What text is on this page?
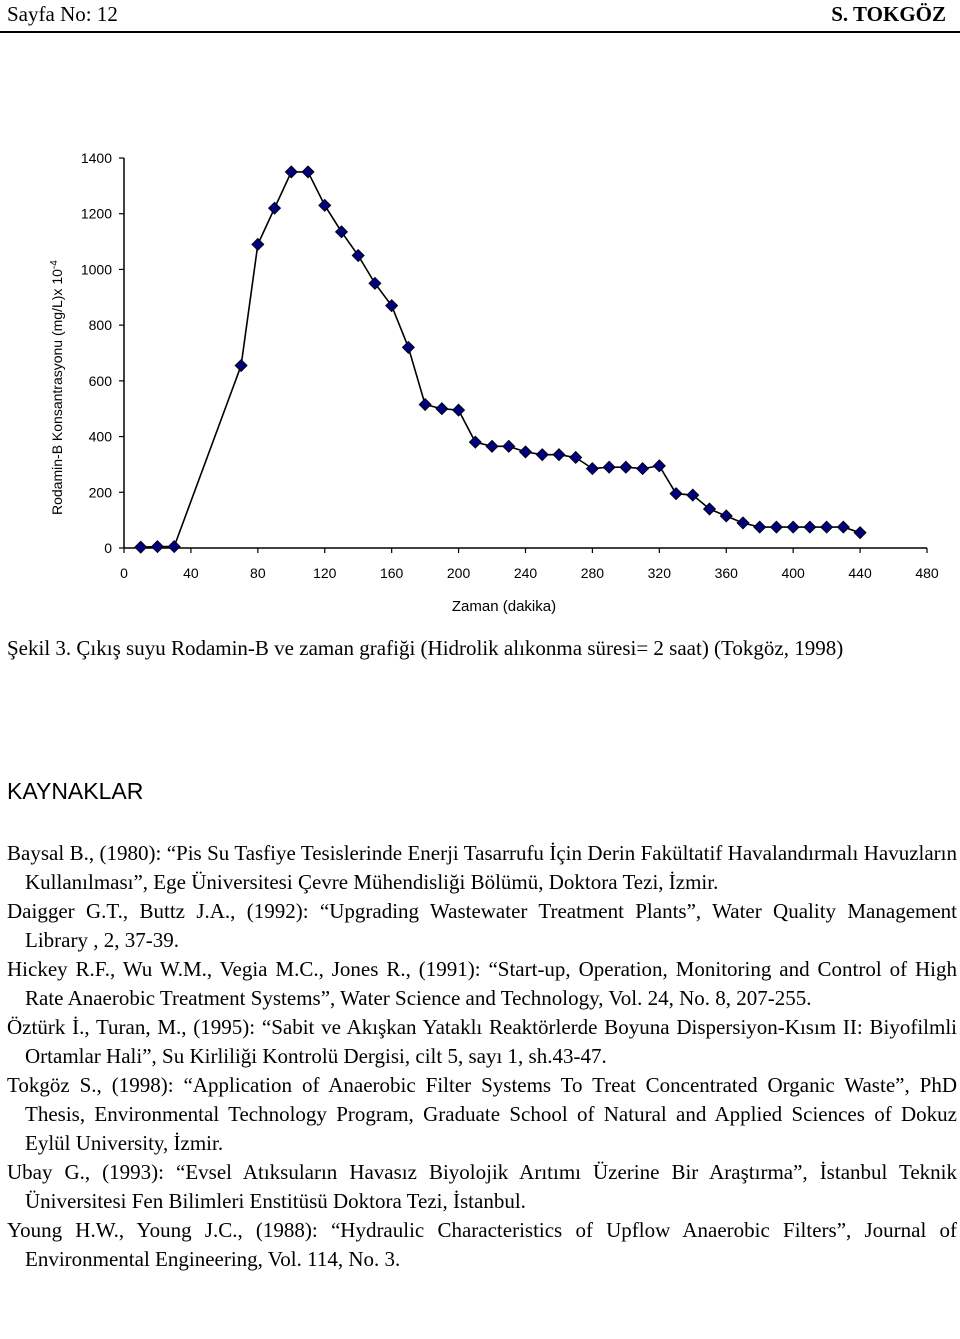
Sayfa No: 12	S. TOKGÖZ
Rodamin-B Konsantrasyonu (mg/L)x $10^{-4}$
0
200
400
600
800
1000
1200
1400
0	40	80	120	160	200	240	280	320	360	400	440	480
Zaman (dakika)
Şekil 3. Çıkış suyu Rodamin-B ve zaman grafiği (Hidrolik alıkonma süresi= 2 saat) (Tokgöz, 1998)
KAYNAKLAR

Baysal B., (1980): “Pis Su Tasfiye Tesislerinde Enerji Tasarrufu İçin Derin Fakültatif Havalandırmalı Havuzların Kullanılması”, Ege Üniversitesi Çevre Mühendisliği Bölümü, Doktora Tezi, İzmir.

Daigger G.T., Buttz J.A., (1992): “Upgrading Wastewater Treatment Plants”, Water Quality Management Library , 2, 37-39.

Hickey R.F., Wu W.M., Vegia M.C., Jones R., (1991): “Start-up, Operation, Monitoring and Control of High Rate Anaerobic Treatment Systems”, Water Science and Technology, Vol. 24, No. 8, 207-255.

Öztürk İ., Turan, M., (1995): “Sabit ve Akışkan Yataklı Reaktörlerde Boyuna Dispersiyon-Kısım II: Biyofilmli Ortamlar Hali”, Su Kirliliği Kontrolü Dergisi, cilt 5, sayı 1, sh.43-47.

Tokgöz S., (1998): “Application of Anaerobic Filter Systems To Treat Concentrated Organic Waste”, PhD Thesis, Environmental Technology Program, Graduate School of Natural and Applied Sciences of Dokuz Eylül University, İzmir.

Ubay G., (1993): “Evsel Atıksuların Havasız Biyolojik Arıtımı Üzerine Bir Araştırma”, İstanbul Teknik Üniversitesi Fen Bilimleri Enstitüsü Doktora Tezi, İstanbul.

Young H.W., Young J.C., (1988): “Hydraulic Characteristics of Upflow Anaerobic Filters”, Journal of Environmental Engineering, Vol. 114, No. 3.
